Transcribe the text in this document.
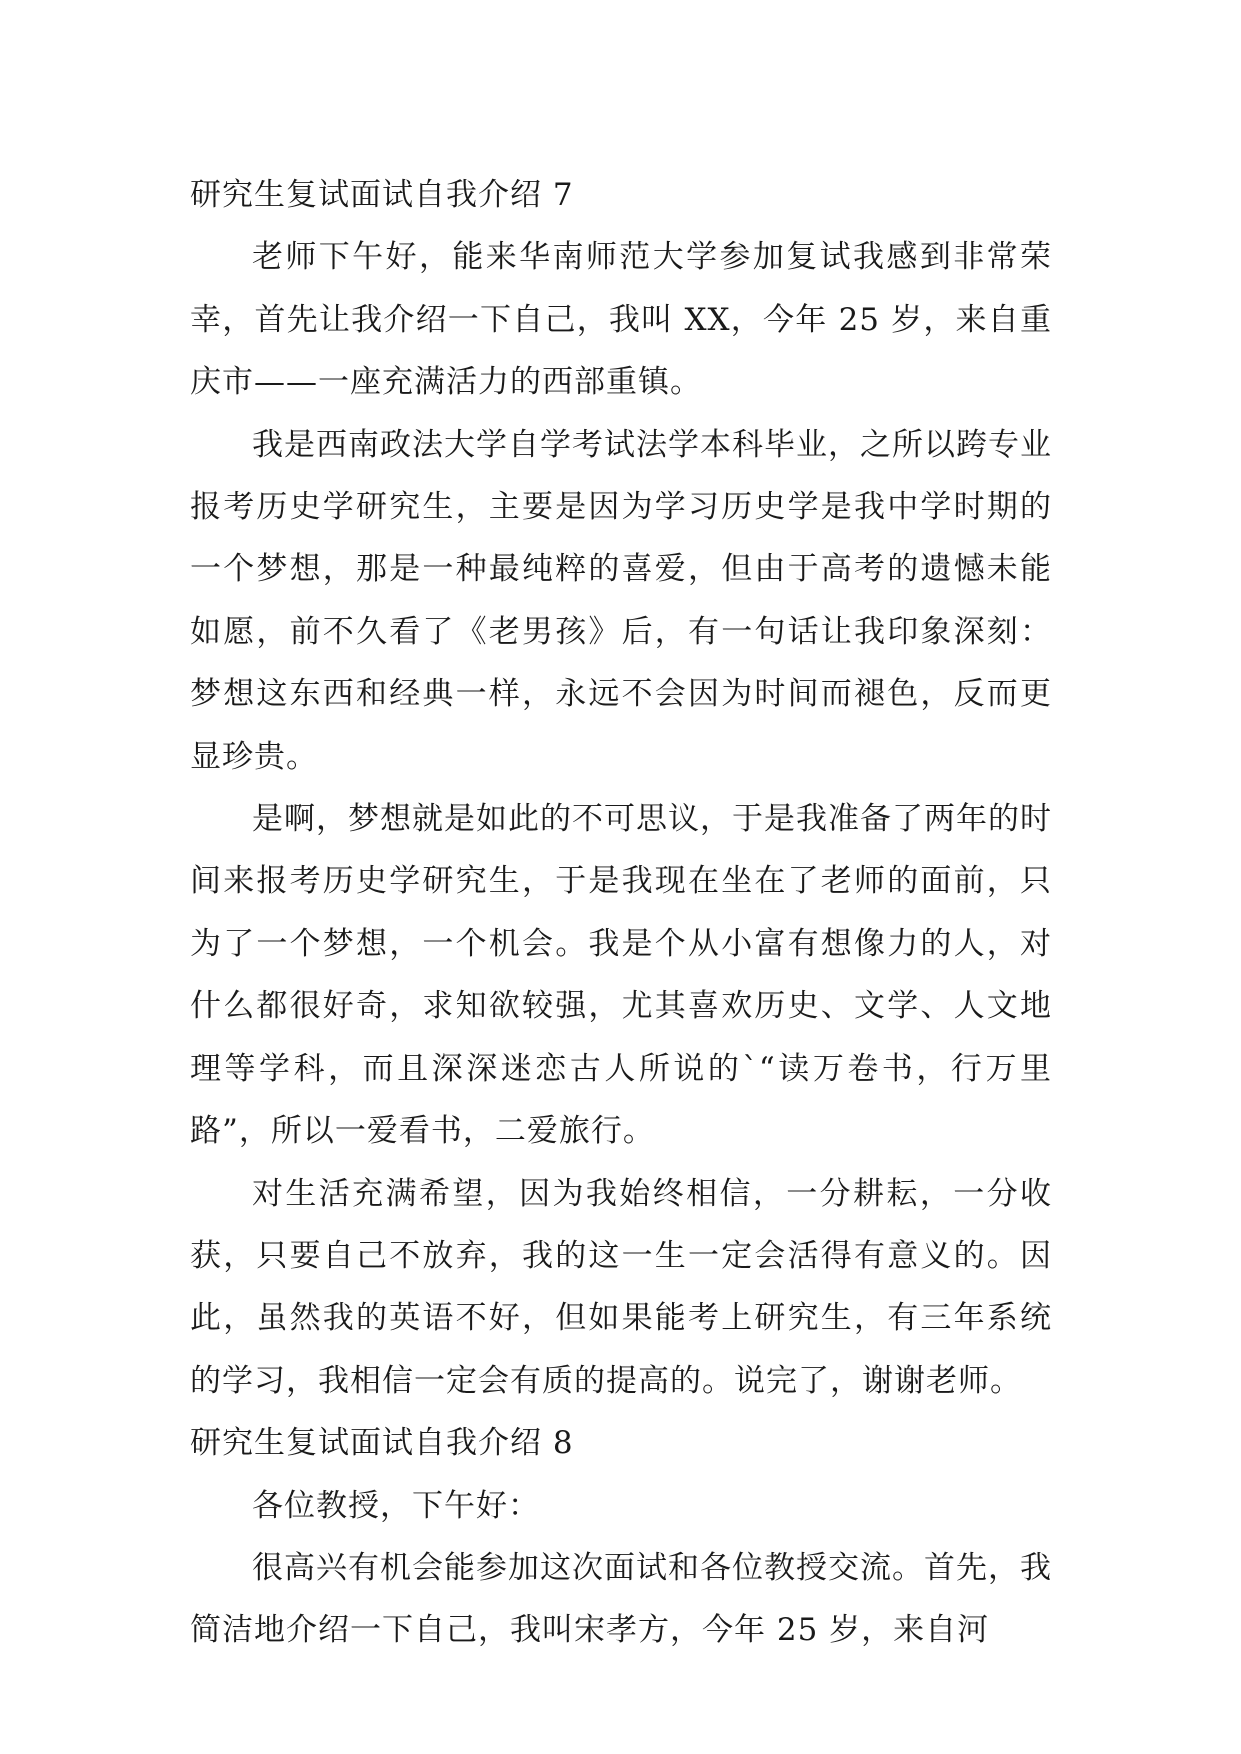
研究生复试面试自我介绍 7

老师下午好，能来华南师范大学参加复试我感到非常荣幸，首先让我介绍一下自己，我叫 XX，今年 25 岁，来自重庆市——一座充满活力的西部重镇。

我是西南政法大学自学考试法学本科毕业，之所以跨专业报考历史学研究生，主要是因为学习历史学是我中学时期的一个梦想，那是一种最纯粹的喜爱，但由于高考的遗憾未能如愿，前不久看了《老男孩》后，有一句话让我印象深刻：梦想这东西和经典一样，永远不会因为时间而褪色，反而更显珍贵。

是啊，梦想就是如此的不可思议，于是我准备了两年的时间来报考历史学研究生，于是我现在坐在了老师的面前，只为了一个梦想，一个机会。我是个从小富有想像力的人，对什么都很好奇，求知欲较强，尤其喜欢历史、文学、人文地理等学科，而且深深迷恋古人所说的`“读万卷书，行万里路”，所以一爱看书，二爱旅行。

对生活充满希望，因为我始终相信，一分耕耘，一分收获，只要自己不放弃，我的这一生一定会活得有意义的。因此，虽然我的英语不好，但如果能考上研究生，有三年系统的学习，我相信一定会有质的提高的。说完了，谢谢老师。

研究生复试面试自我介绍 8

各位教授，下午好：

很高兴有机会能参加这次面试和各位教授交流。首先，我简洁地介绍一下自己，我叫宋孝方，今年 25 岁，来自河
